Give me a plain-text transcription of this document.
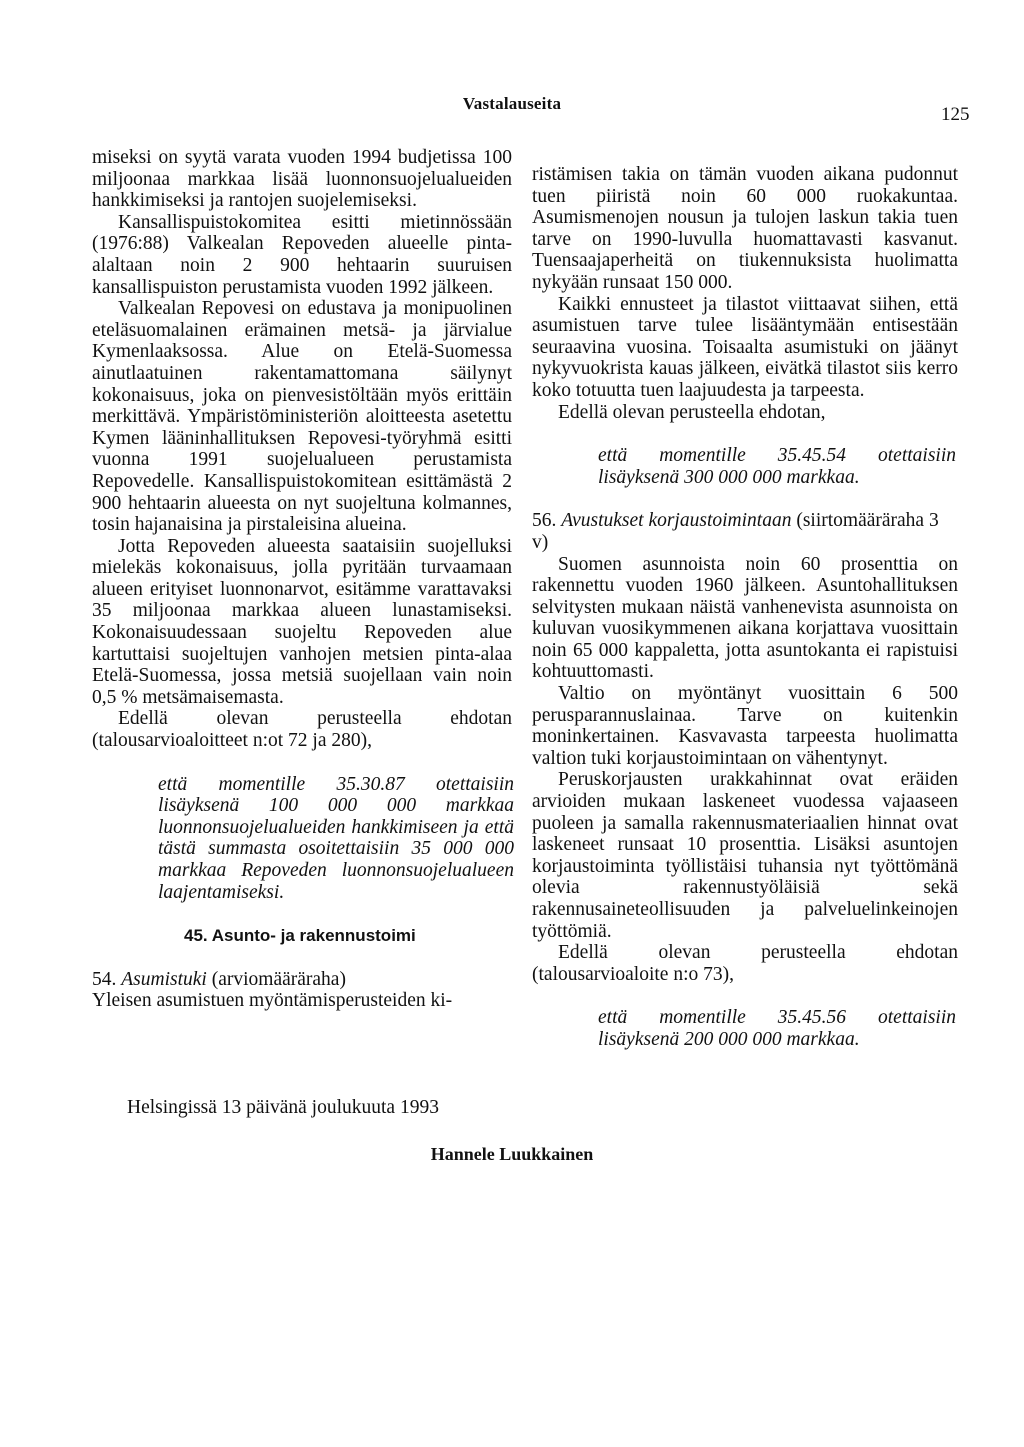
Vastalauseita
125

miseksi on syytä varata vuoden 1994 budjetissa 100 miljoonaa markkaa lisää luonnonsuojelualueiden hankkimiseksi ja rantojen suojelemiseksi.

Kansallispuistokomitea esitti mietinnössään (1976:88) Valkealan Repoveden alueelle pinta-alaltaan noin 2 900 hehtaarin suuruisen kansallispuiston perustamista vuoden 1992 jälkeen.

Valkealan Repovesi on edustava ja monipuolinen eteläsuomalainen erämainen metsä- ja järvialue Kymenlaaksossa. Alue on Etelä-Suomessa ainutlaatuinen rakentamattomana säilynyt kokonaisuus, joka on pienvesistöltään myös erittäin merkittävä. Ympäristöministeriön aloitteesta asetettu Kymen lääninhallituksen Repovesi-työryhmä esitti vuonna 1991 suojelualueen perustamista Repovedelle. Kansallispuistokomitean esittämästä 2 900 hehtaarin alueesta on nyt suojeltuna kolmannes, tosin hajanaisina ja pirstaleisina alueina.

Jotta Repoveden alueesta saataisiin suojelluksi mielekäs kokonaisuus, jolla pyritään turvaamaan alueen erityiset luonnonarvot, esitämme varattavaksi 35 miljoonaa markkaa alueen lunastamiseksi. Kokonaisuudessaan suojeltu Repoveden alue kartuttaisi suojeltujen vanhojen metsien pinta-alaa Etelä-Suomessa, jossa metsiä suojellaan vain noin 0,5 % metsämaisemasta.

Edellä olevan perusteella ehdotan (talousarvioaloitteet n:ot 72 ja 280),

että momentille 35.30.87 otettaisiin lisäyksenä 100 000 000 markkaa luonnonsuojelualueiden hankkimiseen ja että tästä summasta osoitettaisiin 35 000 000 markkaa Repoveden luonnonsuojelualueen laajentamiseksi.

45. Asunto- ja rakennustoimi

54. Asumistuki (arviomääräraha)

Yleisen asumistuen myöntämisperusteiden ki-

ristämisen takia on tämän vuoden aikana pudonnut tuen piiristä noin 60 000 ruokakuntaa. Asumismenojen nousun ja tulojen laskun takia tuen tarve on 1990-luvulla huomattavasti kasvanut. Tuensaajaperheitä on tiukennuksista huolimatta nykyään runsaat 150 000.

Kaikki ennusteet ja tilastot viittaavat siihen, että asumistuen tarve tulee lisääntymään entisestään seuraavina vuosina. Toisaalta asumistuki on jäänyt nykyvuokrista kauas jälkeen, eivätkä tilastot siis kerro koko totuutta tuen laajuudesta ja tarpeesta.

Edellä olevan perusteella ehdotan,

että momentille 35.45.54 otettaisiin lisäyksenä 300 000 000 markkaa.

56. Avustukset korjaustoimintaan (siirtomääräraha 3 v)

Suomen asunnoista noin 60 prosenttia on rakennettu vuoden 1960 jälkeen. Asuntohallituksen selvitysten mukaan näistä vanhenevista asunnoista on kuluvan vuosikymmenen aikana korjattava vuosittain noin 65 000 kappaletta, jotta asuntokanta ei rapistuisi kohtuuttomasti.

Valtio on myöntänyt vuosittain 6 500 perusparannuslainaa. Tarve on kuitenkin moninkertainen. Kasvavasta tarpeesta huolimatta valtion tuki korjaustoimintaan on vähentynyt.

Peruskorjausten urakkahinnat ovat eräiden arvioiden mukaan laskeneet vuodessa vajaaseen puoleen ja samalla rakennusmateriaalien hinnat ovat laskeneet runsaat 10 prosenttia. Lisäksi asuntojen korjaustoiminta työllistäisi tuhansia nyt työttömänä olevia rakennustyöläisiä sekä rakennusaineteollisuuden ja palveluelinkeinojen työttömiä.

Edellä olevan perusteella ehdotan (talousarvioaloite n:o 73),

että momentille 35.45.56 otettaisiin lisäyksenä 200 000 000 markkaa.

Helsingissä 13 päivänä joulukuuta 1993
Hannele Luukkainen
